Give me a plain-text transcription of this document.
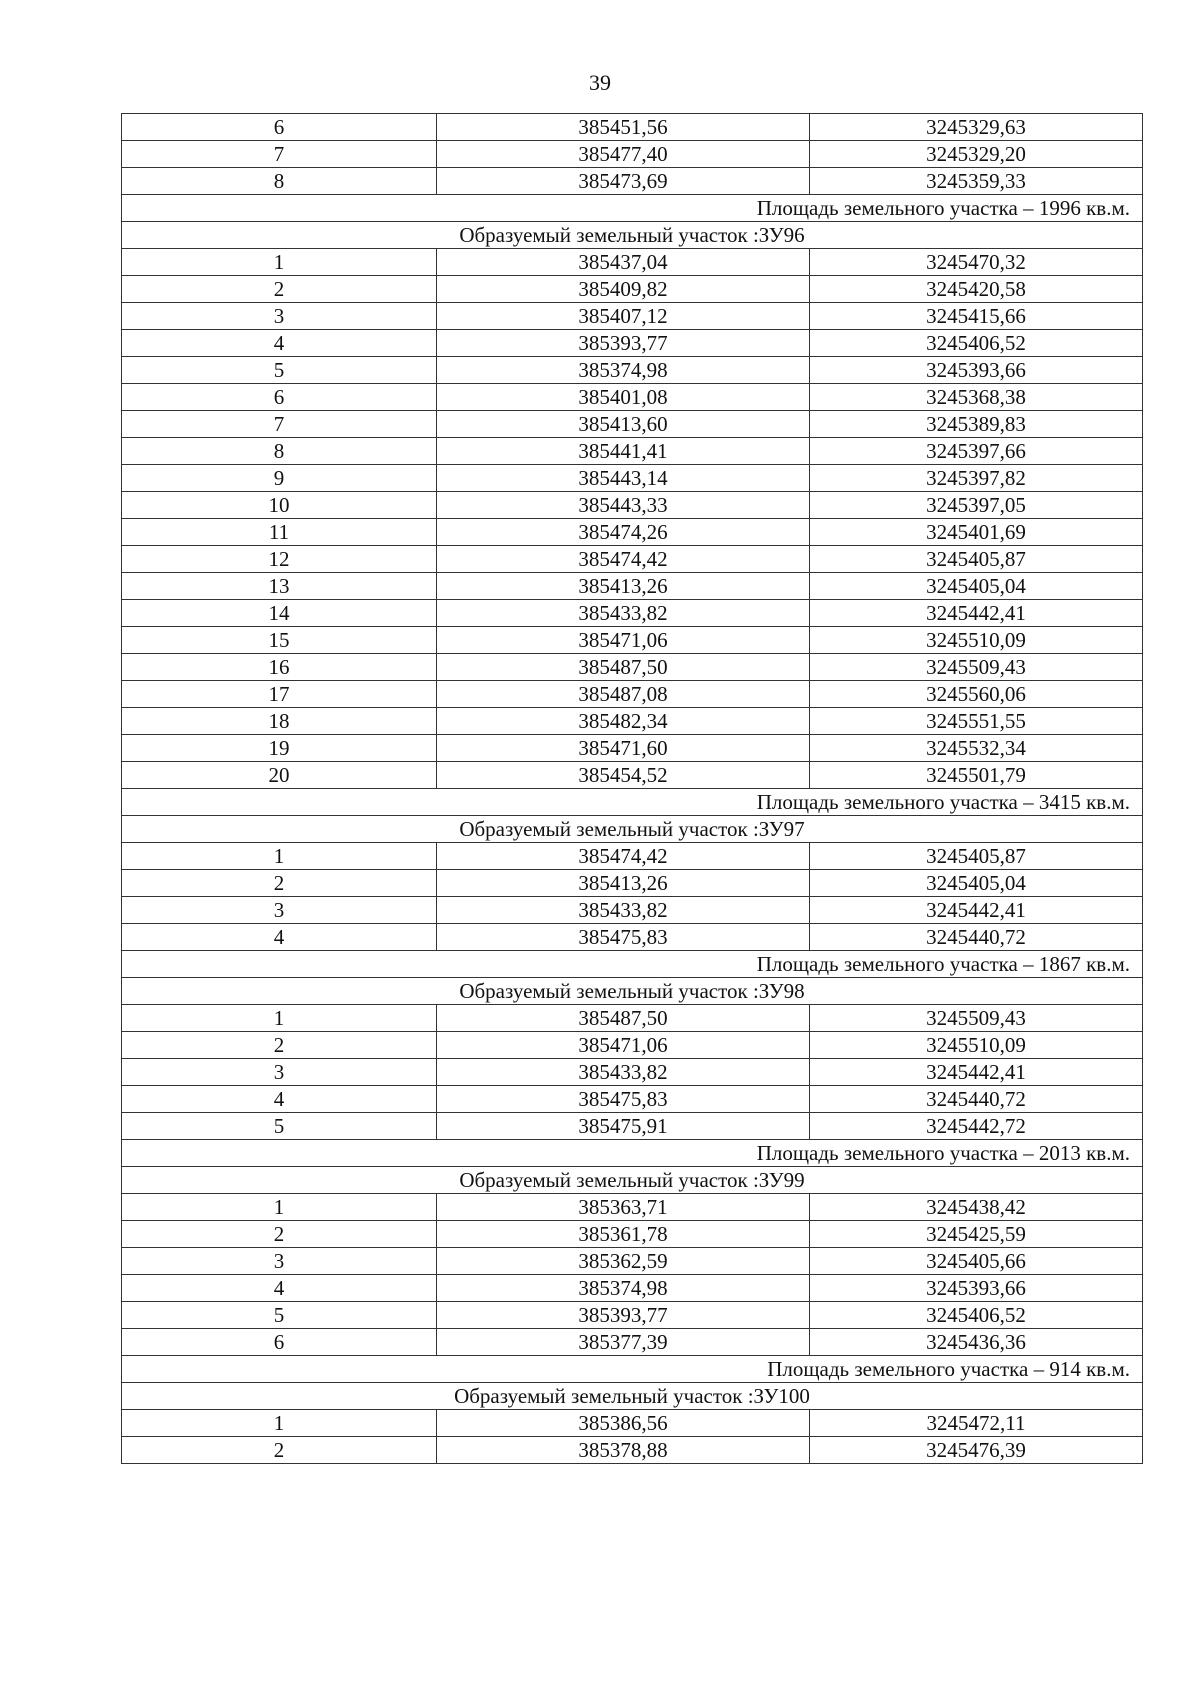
39
6	385451,56	3245329,63
7	385477,40	3245329,20
8	385473,69	3245359,33
Площадь земельного участка – 1996 кв.м.		
Образуемый земельный участок :ЗУ96		
1	385437,04	3245470,32
2	385409,82	3245420,58
3	385407,12	3245415,66
4	385393,77	3245406,52
5	385374,98	3245393,66
6	385401,08	3245368,38
7	385413,60	3245389,83
8	385441,41	3245397,66
9	385443,14	3245397,82
10	385443,33	3245397,05
11	385474,26	3245401,69
12	385474,42	3245405,87
13	385413,26	3245405,04
14	385433,82	3245442,41
15	385471,06	3245510,09
16	385487,50	3245509,43
17	385487,08	3245560,06
18	385482,34	3245551,55
19	385471,60	3245532,34
20	385454,52	3245501,79
Площадь земельного участка – 3415 кв.м.		
Образуемый земельный участок :ЗУ97		
1	385474,42	3245405,87
2	385413,26	3245405,04
3	385433,82	3245442,41
4	385475,83	3245440,72
Площадь земельного участка – 1867 кв.м.		
Образуемый земельный участок :ЗУ98		
1	385487,50	3245509,43
2	385471,06	3245510,09
3	385433,82	3245442,41
4	385475,83	3245440,72
5	385475,91	3245442,72
Площадь земельного участка – 2013 кв.м.		
Образуемый земельный участок :ЗУ99		
1	385363,71	3245438,42
2	385361,78	3245425,59
3	385362,59	3245405,66
4	385374,98	3245393,66
5	385393,77	3245406,52
6	385377,39	3245436,36
Площадь земельного участка – 914 кв.м.		
Образуемый земельный участок :ЗУ100		
1	385386,56	3245472,11
2	385378,88	3245476,39
